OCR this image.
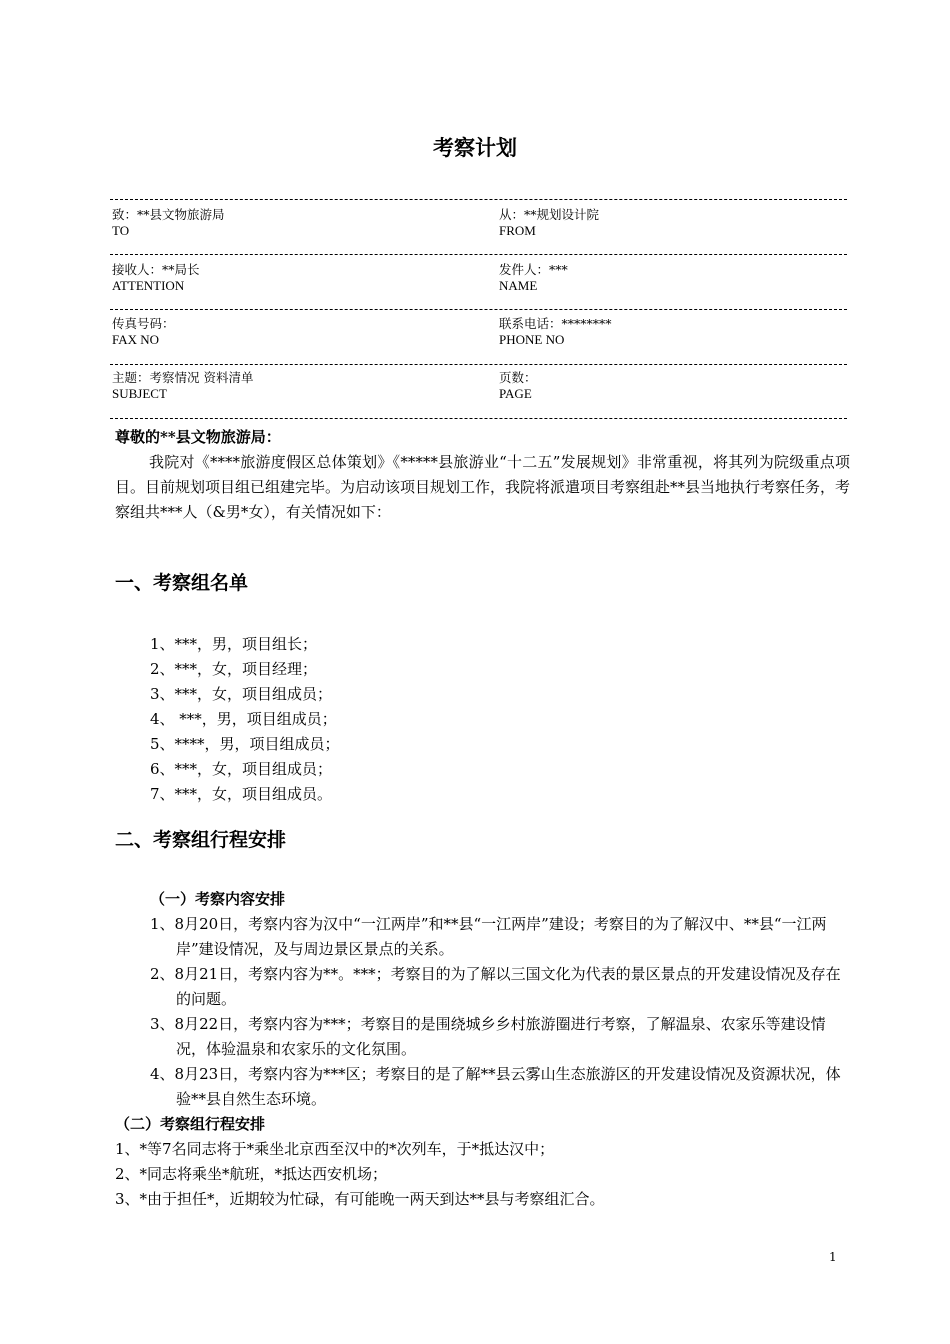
考察计划
致：**县文物旅游局
TO
从：**规划设计院
FROM
接收人：**局长
ATTENTION
发件人：***
NAME
传真号码：
FAX NO
联系电话：********
PHONE NO
主题：考察情况 资料清单
SUBJECT
页数：
PAGE
尊敬的**县文物旅游局：
我院对《****旅游度假区总体策划》《*****县旅游业“十二五”发展规划》非常重视，将其列为院级重点项目。目前规划项目组已组建完毕。为启动该项目规划工作，我院将派遣项目考察组赴**县当地执行考察任务，考察组共***人（&男*女），有关情况如下：
一、考察组名单
1、***，男，项目组长；
2、***，女，项目经理；
3、***，女，项目组成员；
4、 ***，男，项目组成员；
5、****，男，项目组成员；
6、***，女，项目组成员；
7、***，女，项目组成员。
二、考察组行程安排
（一）考察内容安排
1、8月20日，考察内容为汉中“一江两岸”和**县“一江两岸”建设；考察目的为了解汉中、**县“一江两岸”建设情况，及与周边景区景点的关系。
2、8月21日，考察内容为**。***；考察目的为了解以三国文化为代表的景区景点的开发建设情况及存在的问题。
3、8月22日，考察内容为***；考察目的是围绕城乡乡村旅游圈进行考察，了解温泉、农家乐等建设情况，体验温泉和农家乐的文化氛围。
4、8月23日，考察内容为***区；考察目的是了解**县云雾山生态旅游区的开发建设情况及资源状况，体验**县自然生态环境。
（二）考察组行程安排
1、*等7名同志将于*乘坐北京西至汉中的*次列车，于*抵达汉中；
2、*同志将乘坐*航班，*抵达西安机场；
3、*由于担任*，近期较为忙碌，有可能晚一两天到达**县与考察组汇合。
1
